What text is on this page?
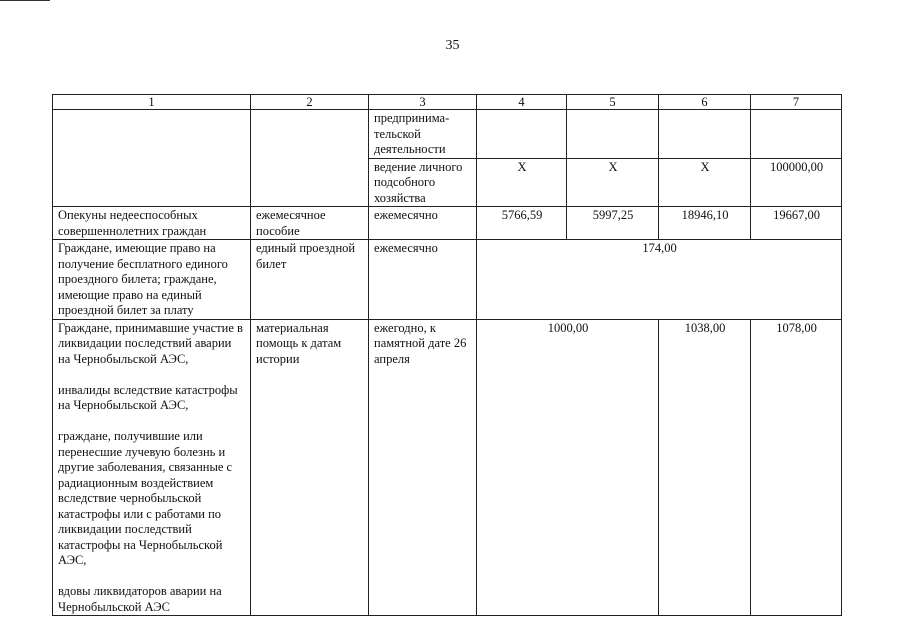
35
1	2	3	4	5	6	7
		предпринима-тельской деятельности				
		ведение личного подсобного хозяйства	Х	Х	Х	100000,00
Опекуны недееспособных совершеннолетних граждан	ежемесячное пособие	ежемесячно	5766,59	5997,25	18946,10	19667,00
Граждане, имеющие право на получение бесплатного единого проездного билета; граждане, имеющие право на единый проездной билет за плату	единый проездной билет	ежемесячно	174,00			

Граждане, принимавшие участие в ликвидации последствий аварии на Чернобыльской АЭС,
инвалиды вследствие катастрофы на Чернобыльской АЭС,
граждане, получившие или перенесшие лучевую болезнь и другие заболевания, связанные с радиационным воздействием вследствие чернобыльской катастрофы или с работами по ликвидации последствий катастрофы на Чернобыльской АЭС,
вдовы ликвидаторов аварии на Чернобыльской АЭС	материальная помощь к датам истории	ежегодно, к памятной дате 26 апреля	1000,00		1038,00	1078,00
